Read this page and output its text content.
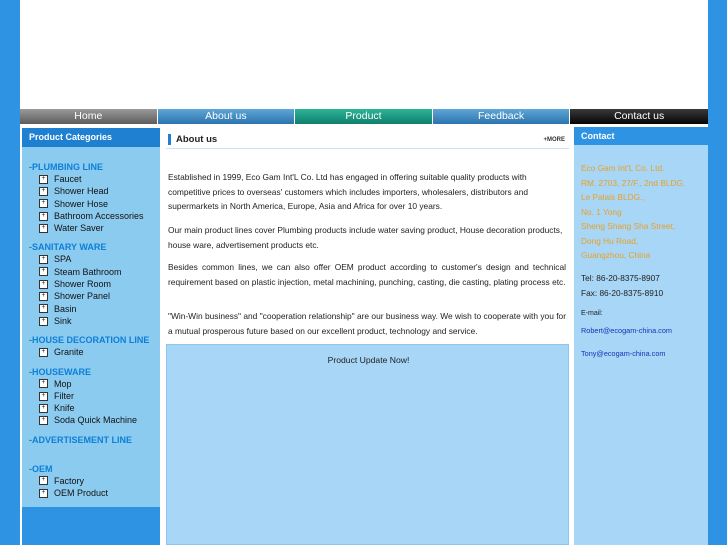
Home	About us	Product	Feedback	Contact us
Product Categories
-PLUMBING LINE
+ Faucet
+ Shower Head
+ Shower Hose
+ Bathroom Accessories
+ Water Saver
-SANITARY WARE
+ SPA
+ Steam Bathroom
+ Shower Room
+ Shower Panel
+ Basin
+ Sink
-HOUSE DECORATION LINE
+ Granite
-HOUSEWARE
+ Mop
+ Filter
+ Knife
+ Soda Quick Machine
-ADVERTISEMENT LINE
-OEM
+ Factory
+ OEM Product
About us	+MORE
Established in 1999, Eco Gam Int'L Co. Ltd has engaged in offering suitable quality products with competitive prices to overseas' customers which includes importers, wholesalers, distributors and supermarkets in North America, Europe, Asia and Africa for over 10 years.
Our main product lines cover Plumbing products include water saving product, House decoration products, house ware, advertisement products etc.
Besides common lines, we can also offer OEM product according to customer's design and technical requirement based on plastic injection, metal machining, punching, casting, die casting, plating process etc.
"Win-Win business" and "cooperation relationship" are our business way. We wish to cooperate with you for a mutual prosperous future based on our excellent product, technology and service.
Product Update Now!
Contact
Eco Gam Int'L Co. Ltd.
RM. 2703, 27/F., 2nd BLDG,
Le Palais BLDG.,
No. 1 Yong
Sheng Shang Sha Street,
Dong Hu Road,
Guangzhou, China
Tel: 86-20-8375-8907
Fax: 86-20-8375-8910
E-mail:
Robert@ecogam-china.com
Tony@ecogam-china.com
